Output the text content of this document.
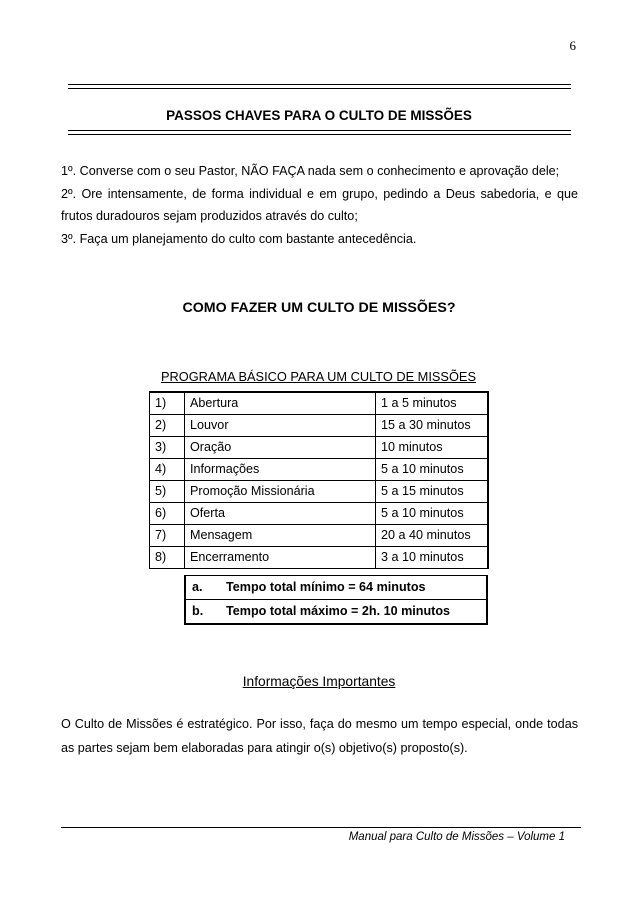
6
PASSOS CHAVES PARA O CULTO DE MISSÕES

1º. Converse com o seu Pastor, NÃO FAÇA nada sem o conhecimento e aprovação dele;

2º. Ore intensamente, de forma individual e em grupo, pedindo a Deus sabedoria, e que frutos duradouros sejam produzidos através do culto;

3º. Faça um planejamento do culto com bastante antecedência.

COMO FAZER UM CULTO DE MISSÕES?
PROGRAMA BÁSICO PARA UM CULTO DE MISSÕES
1)	Abertura	1 a 5 minutos
2)	Louvor	15 a 30 minutos
3)	Oração	10 minutos
4)	Informações	5 a 10 minutos
5)	Promoção Missionária	5 a 15 minutos
6)	Oferta	5 a 10 minutos
7)	Mensagem	20 a 40 minutos
8)	Encerramento	3 a 10 minutos
a.	Tempo total mínimo = 64 minutos
b.	Tempo total máximo = 2h. 10 minutos
Informações Importantes

O Culto de Missões é estratégico. Por isso, faça do mesmo um tempo especial, onde todas as partes sejam bem elaboradas para atingir o(s) objetivo(s) proposto(s).

Manual para Culto de Missões – Volume 1
